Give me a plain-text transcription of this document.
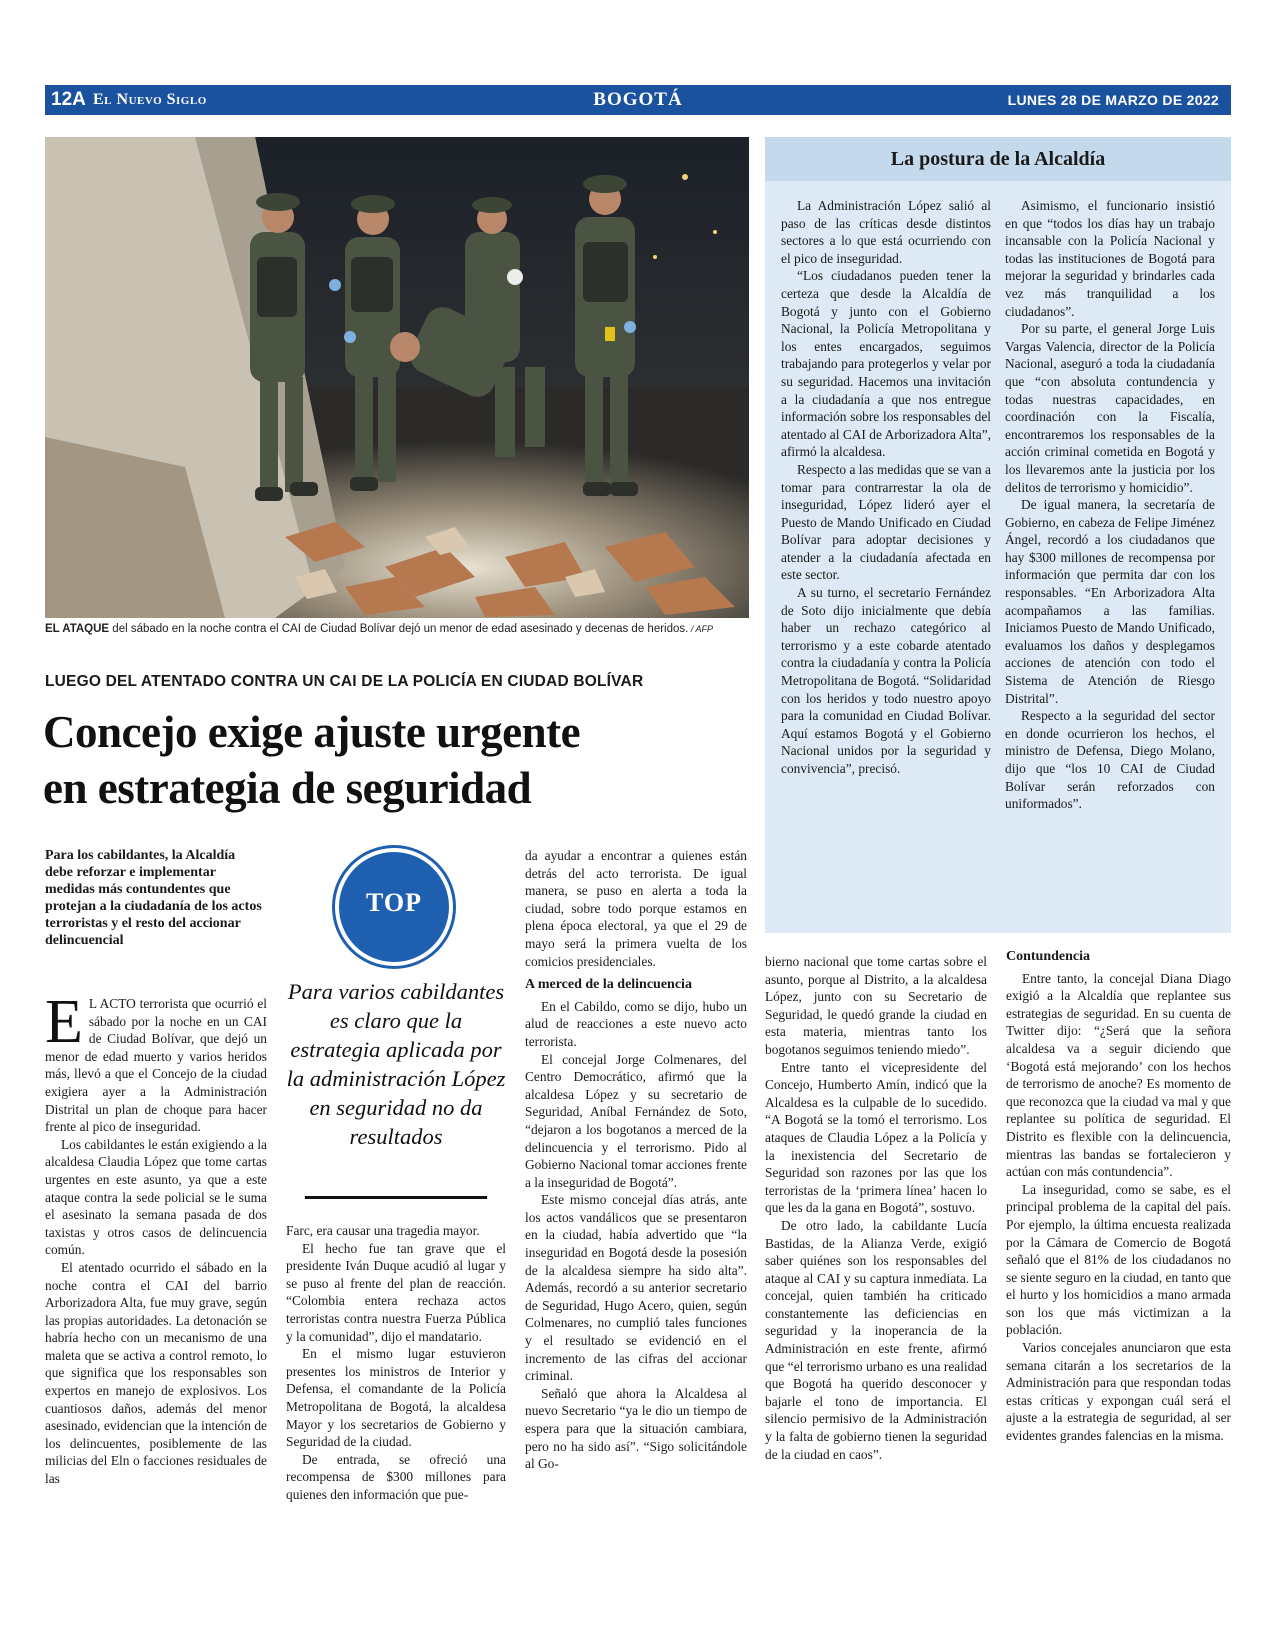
12A El Nuevo Siglo	BOGOTÁ	LUNES 28 DE MARZO DE 2022
EL ATAQUE del sábado en la noche contra el CAI de Ciudad Bolívar dejó un menor de edad asesinado y decenas de heridos. / AFP
LUEGO DEL ATENTADO CONTRA UN CAI DE LA POLICÍA EN CIUDAD BOLÍVAR
Concejo exige ajuste urgente
en estrategia de seguridad
Para los cabildantes, la Alcaldía debe reforzar e implementar medidas más contundentes que protejan a la ciudadanía de los actos terroristas y el resto del accionar delincuencial

E L ACTO terrorista que ocurrió el sábado por la noche en un CAI de Ciudad Bolívar, que dejó un menor de edad muerto y varios heridos más, llevó a que el Concejo de la ciudad exigiera ayer a la Administración Distrital un plan de choque para hacer frente al pico de inseguridad.

Los cabildantes le están exigiendo a la alcaldesa Claudia López que tome cartas urgentes en este asunto, ya que a este ataque contra la sede policial se le suma el asesinato la semana pasada de dos taxistas y otros casos de delincuencia común.

El atentado ocurrido el sábado en la noche contra el CAI del barrio Arborizadora Alta, fue muy grave, según las propias autoridades. La detonación se habría hecho con un mecanismo de una maleta que se activa a control remoto, lo que significa que los responsables son expertos en manejo de explosivos. Los cuantiosos daños, además del menor asesinado, evidencian que la intención de los delincuentes, posiblemente de las milicias del Eln o facciones residuales de las

TOP
Para varios cabildantes es claro que la estrategia aplicada por la administración López en seguridad no da resultados

Farc, era causar una tragedia mayor.

El hecho fue tan grave que el presidente Iván Duque acudió al lugar y se puso al frente del plan de reacción. “Colombia entera rechaza actos terroristas contra nuestra Fuerza Pública y la comunidad”, dijo el mandatario.

En el mismo lugar estuvieron presentes los ministros de Interior y Defensa, el comandante de la Policía Metropolitana de Bogotá, la alcaldesa Mayor y los secretarios de Gobierno y Seguridad de la ciudad.

De entrada, se ofreció una recompensa de $300 millones para quienes den información que pue-

da ayudar a encontrar a quienes están detrás del acto terrorista. De igual manera, se puso en alerta a toda la ciudad, sobre todo porque estamos en plena época electoral, ya que el 29 de mayo será la primera vuelta de los comicios presidenciales.

A merced de la delincuencia

En el Cabildo, como se dijo, hubo un alud de reacciones a este nuevo acto terrorista.

El concejal Jorge Colmenares, del Centro Democrático, afirmó que la alcaldesa López y su secretario de Seguridad, Aníbal Fernández de Soto, “dejaron a los bogotanos a merced de la delincuencia y el terrorismo. Pido al Gobierno Nacional tomar acciones frente a la inseguridad de Bogotá”.

Este mismo concejal días atrás, ante los actos vandálicos que se presentaron en la ciudad, había advertido que “la inseguridad en Bogotá desde la posesión de la alcaldesa siempre ha sido alta”. Además, recordó a su anterior secretario de Seguridad, Hugo Acero, quien, según Colmenares, no cumplió tales funciones y el resultado se evidenció en el incremento de las cifras del accionar criminal.

Señaló que ahora la Alcaldesa al nuevo Secretario “ya le dio un tiempo de espera para que la situación cambiara, pero no ha sido así”. “Sigo solicitándole al Go-

La postura de la Alcaldía

La Administración López salió al paso de las críticas desde distintos sectores a lo que está ocurriendo con el pico de inseguridad.

“Los ciudadanos pueden tener la certeza que desde la Alcaldía de Bogotá y junto con el Gobierno Nacional, la Policía Metropolitana y los entes encargados, seguimos trabajando para protegerlos y velar por su seguridad. Hacemos una invitación a la ciudadanía a que nos entregue información sobre los responsables del atentado al CAI de Arborizadora Alta”, afirmó la alcaldesa.

Respecto a las medidas que se van a tomar para contrarrestar la ola de inseguridad, López lideró ayer el Puesto de Mando Unificado en Ciudad Bolívar para adoptar decisiones y atender a la ciudadanía afectada en este sector.

A su turno, el secretario Fernández de Soto dijo inicialmente que debía haber un rechazo categórico al terrorismo y a este cobarde atentado contra la ciudadanía y contra la Policía Metropolitana de Bogotá. “Solidaridad con los heridos y todo nuestro apoyo para la comunidad en Ciudad Bolívar. Aquí estamos Bogotá y el Gobierno Nacional unidos por la seguridad y convivencia”, precisó.

Asimismo, el funcionario insistió en que “todos los días hay un trabajo incansable con la Policía Nacional y todas las instituciones de Bogotá para mejorar la seguridad y brindarles cada vez más tranquilidad a los ciudadanos”.

Por su parte, el general Jorge Luis Vargas Valencia, director de la Policía Nacional, aseguró a toda la ciudadanía que “con absoluta contundencia y todas nuestras capacidades, en coordinación con la Fiscalía, encontraremos los responsables de la acción criminal cometida en Bogotá y los llevaremos ante la justicia por los delitos de terrorismo y homicidio”.

De igual manera, la secretaría de Gobierno, en cabeza de Felipe Jiménez Ángel, recordó a los ciudadanos que hay $300 millones de recompensa por información que permita dar con los responsables. “En Arborizadora Alta acompañamos a las familias. Iniciamos Puesto de Mando Unificado, evaluamos los daños y desplegamos acciones de atención con todo el Sistema de Atención de Riesgo Distrital”.

Respecto a la seguridad del sector en donde ocurrieron los hechos, el ministro de Defensa, Diego Molano, dijo que “los 10 CAI de Ciudad Bolívar serán reforzados con uniformados”.

bierno nacional que tome cartas sobre el asunto, porque al Distrito, a la alcaldesa López, junto con su Secretario de Seguridad, le quedó grande la ciudad en esta materia, mientras tanto los bogotanos seguimos teniendo miedo”.

Entre tanto el vicepresidente del Concejo, Humberto Amín, indicó que la Alcaldesa es la culpable de lo sucedido. “A Bogotá se la tomó el terrorismo. Los ataques de Claudia López a la Policía y la inexistencia del Secretario de Seguridad son razones por las que los terroristas de la ‘primera línea’ hacen lo que les da la gana en Bogotá”, sostuvo.

De otro lado, la cabildante Lucía Bastidas, de la Alianza Verde, exigió saber quiénes son los responsables del ataque al CAI y su captura inmediata. La concejal, quien también ha criticado constantemente las deficiencias en seguridad y la inoperancia de la Administración en este frente, afirmó que “el terrorismo urbano es una realidad que Bogotá ha querido desconocer y bajarle el tono de importancia. El silencio permisivo de la Administración y la falta de gobierno tienen la seguridad de la ciudad en caos”.

Contundencia

Entre tanto, la concejal Diana Diago exigió a la Alcaldía que replantee sus estrategias de seguridad. En su cuenta de Twitter dijo: “¿Será que la señora alcaldesa va a seguir diciendo que ‘Bogotá está mejorando’ con los hechos de terrorismo de anoche? Es momento de que reconozca que la ciudad va mal y que replantee su política de seguridad. El Distrito es flexible con la delincuencia, mientras las bandas se fortalecieron y actúan con más contundencia”.

La inseguridad, como se sabe, es el principal problema de la capital del país. Por ejemplo, la última encuesta realizada por la Cámara de Comercio de Bogotá señaló que el 81% de los ciudadanos no se siente seguro en la ciudad, en tanto que el hurto y los homicidios a mano armada son los que más victimizan a la población.

Varios concejales anunciaron que esta semana citarán a los secretarios de la Administración para que respondan todas estas críticas y expongan cuál será el ajuste a la estrategia de seguridad, al ser evidentes grandes falencias en la misma.
